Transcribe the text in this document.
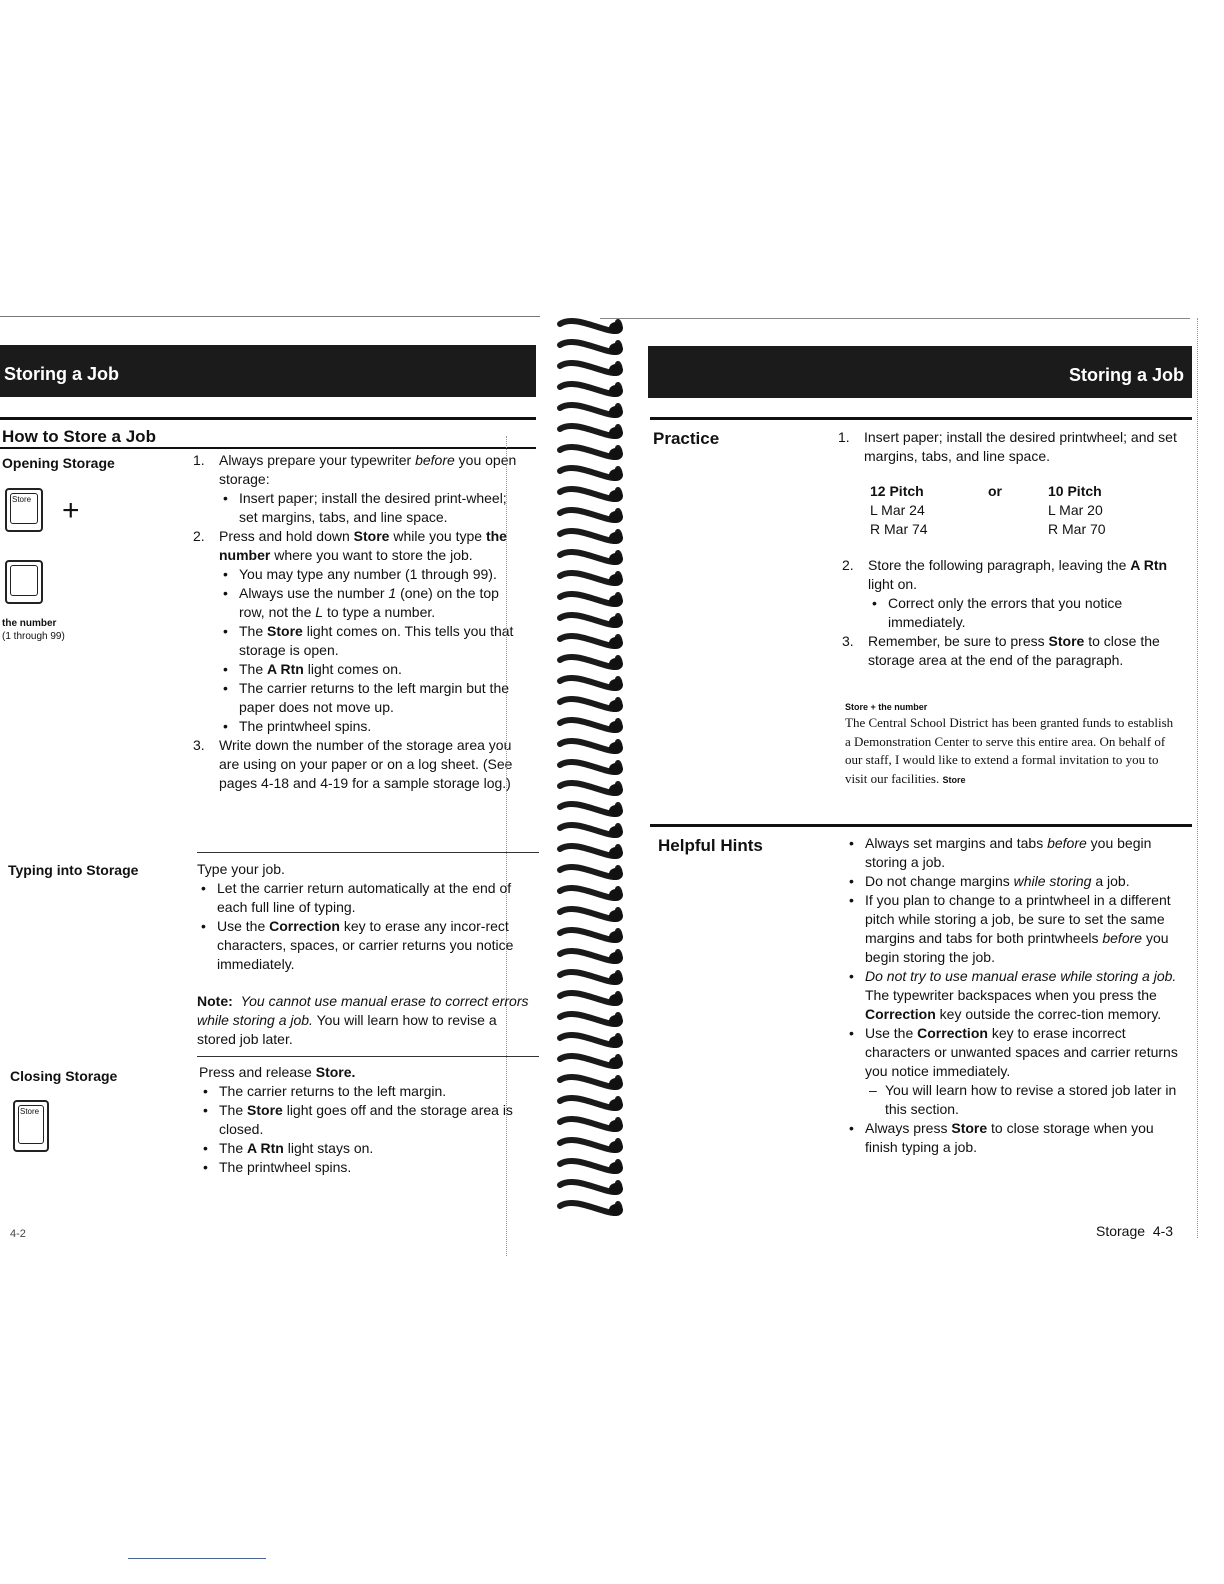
Storing a Job
How to Store a Job
Opening Storage
Store +
the number
(1 through 99)
1. Always prepare your typewriter before you open storage:
• Insert paper; install the desired print-wheel; set margins, tabs, and line space.
2. Press and hold down Store while you type the number where you want to store the job.
• You may type any number (1 through 99).
• Always use the number 1 (one) on the top row, not the L to type a number.
• The Store light comes on. This tells you that storage is open.
• The A Rtn light comes on.
• The carrier returns to the left margin but the paper does not move up.
• The printwheel spins.
3. Write down the number of the storage area you are using on your paper or on a log sheet. (See pages 4-18 and 4-19 for a sample storage log.)
Typing into Storage	Type your job.

• Let the carrier return automatically at the end of each full line of typing.
• Use the Correction key to erase any incor-rect characters, spaces, or carrier returns you notice immediately.

Note: You cannot use manual erase to correct errors while storing a job. You will learn how to revise a stored job later.

Closing Storage
Store

Press and release Store.

• The carrier returns to the left margin.
• The Store light goes off and the storage area is closed.
• The A Rtn light stays on.
• The printwheel spins.
4-2
Storing a Job
Practice	1. Insert paper; install the desired printwheel; and set margins, tabs, and line space.

12 Pitch

L Mar 24

R Mar 74

or	10 Pitch

L Mar 20

R Mar 70

2. Store the following paragraph, leaving the A Rtn light on.
• Correct only the errors that you notice immediately.
3. Remember, be sure to press Store to close the storage area at the end of the paragraph.
Store + the number
The Central School District has been granted funds to establish a Demonstration Center to serve this entire area. On behalf of our staff, I would like to extend a formal invitation to you to visit our facilities. Store
Helpful Hints
•	Always set margins and tabs before you begin storing a job.
• Do not change margins while storing a job.
• If you plan to change to a printwheel in a different pitch while storing a job, be sure to set the same margins and tabs for both printwheels before you begin storing the job.
• Do not try to use manual erase while storing a job. The typewriter backspaces when you press the Correction key outside the correc-tion memory.
• Use the Correction key to erase incorrect characters or unwanted spaces and carrier returns you notice immediately.
– You will learn how to revise a stored job later in this section.
• Always press Store to close storage when you finish typing a job.
Storage  4-3
